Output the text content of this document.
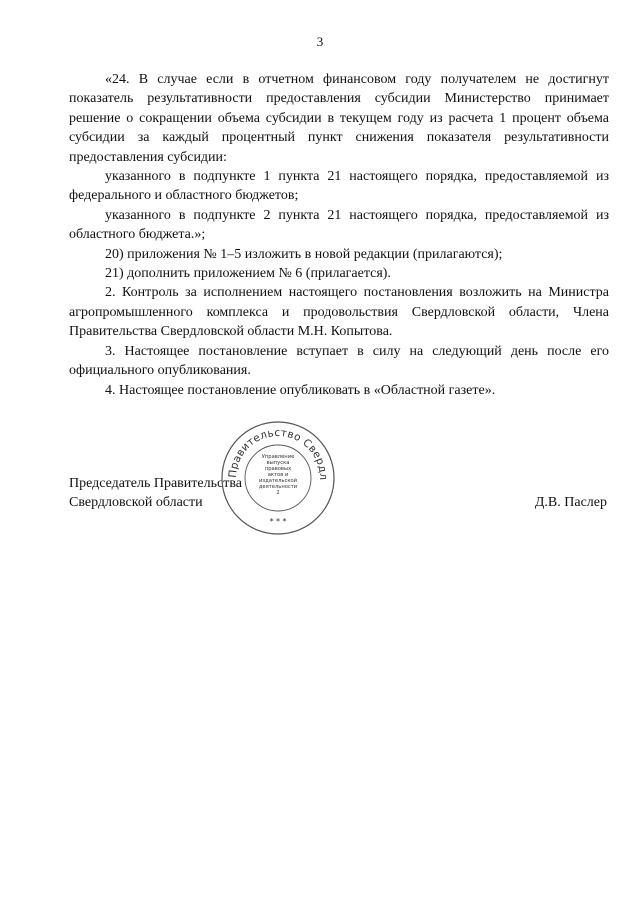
3

«24. В случае если в отчетном финансовом году получателем не достигнут показатель результативности предоставления субсидии Министерство принимает решение о сокращении объема субсидии в текущем году из расчета 1 процент объема субсидии за каждый процентный пункт снижения показателя результативности предоставления субсидии:

указанного в подпункте 1 пункта 21 настоящего порядка, предоставляемой из федерального и областного бюджетов;

указанного в подпункте 2 пункта 21 настоящего порядка, предоставляемой из областного бюджета.»;

20) приложения № 1–5 изложить в новой редакции (прилагаются);

21) дополнить приложением № 6 (прилагается).

2. Контроль за исполнением настоящего постановления возложить на Министра агропромышленного комплекса и продовольствия Свердловской области, Члена Правительства Свердловской области М.Н. Копытова.

3. Настоящее постановление вступает в силу на следующий день после его официального опубликования.

4. Настоящее постановление опубликовать в «Областной газете».

Председатель Правительства
Свердловской области
Правительство Свердл
* * *
Управление
выпуска правовых
актов и издательской
деятельности
2
Д.В. Паслер
